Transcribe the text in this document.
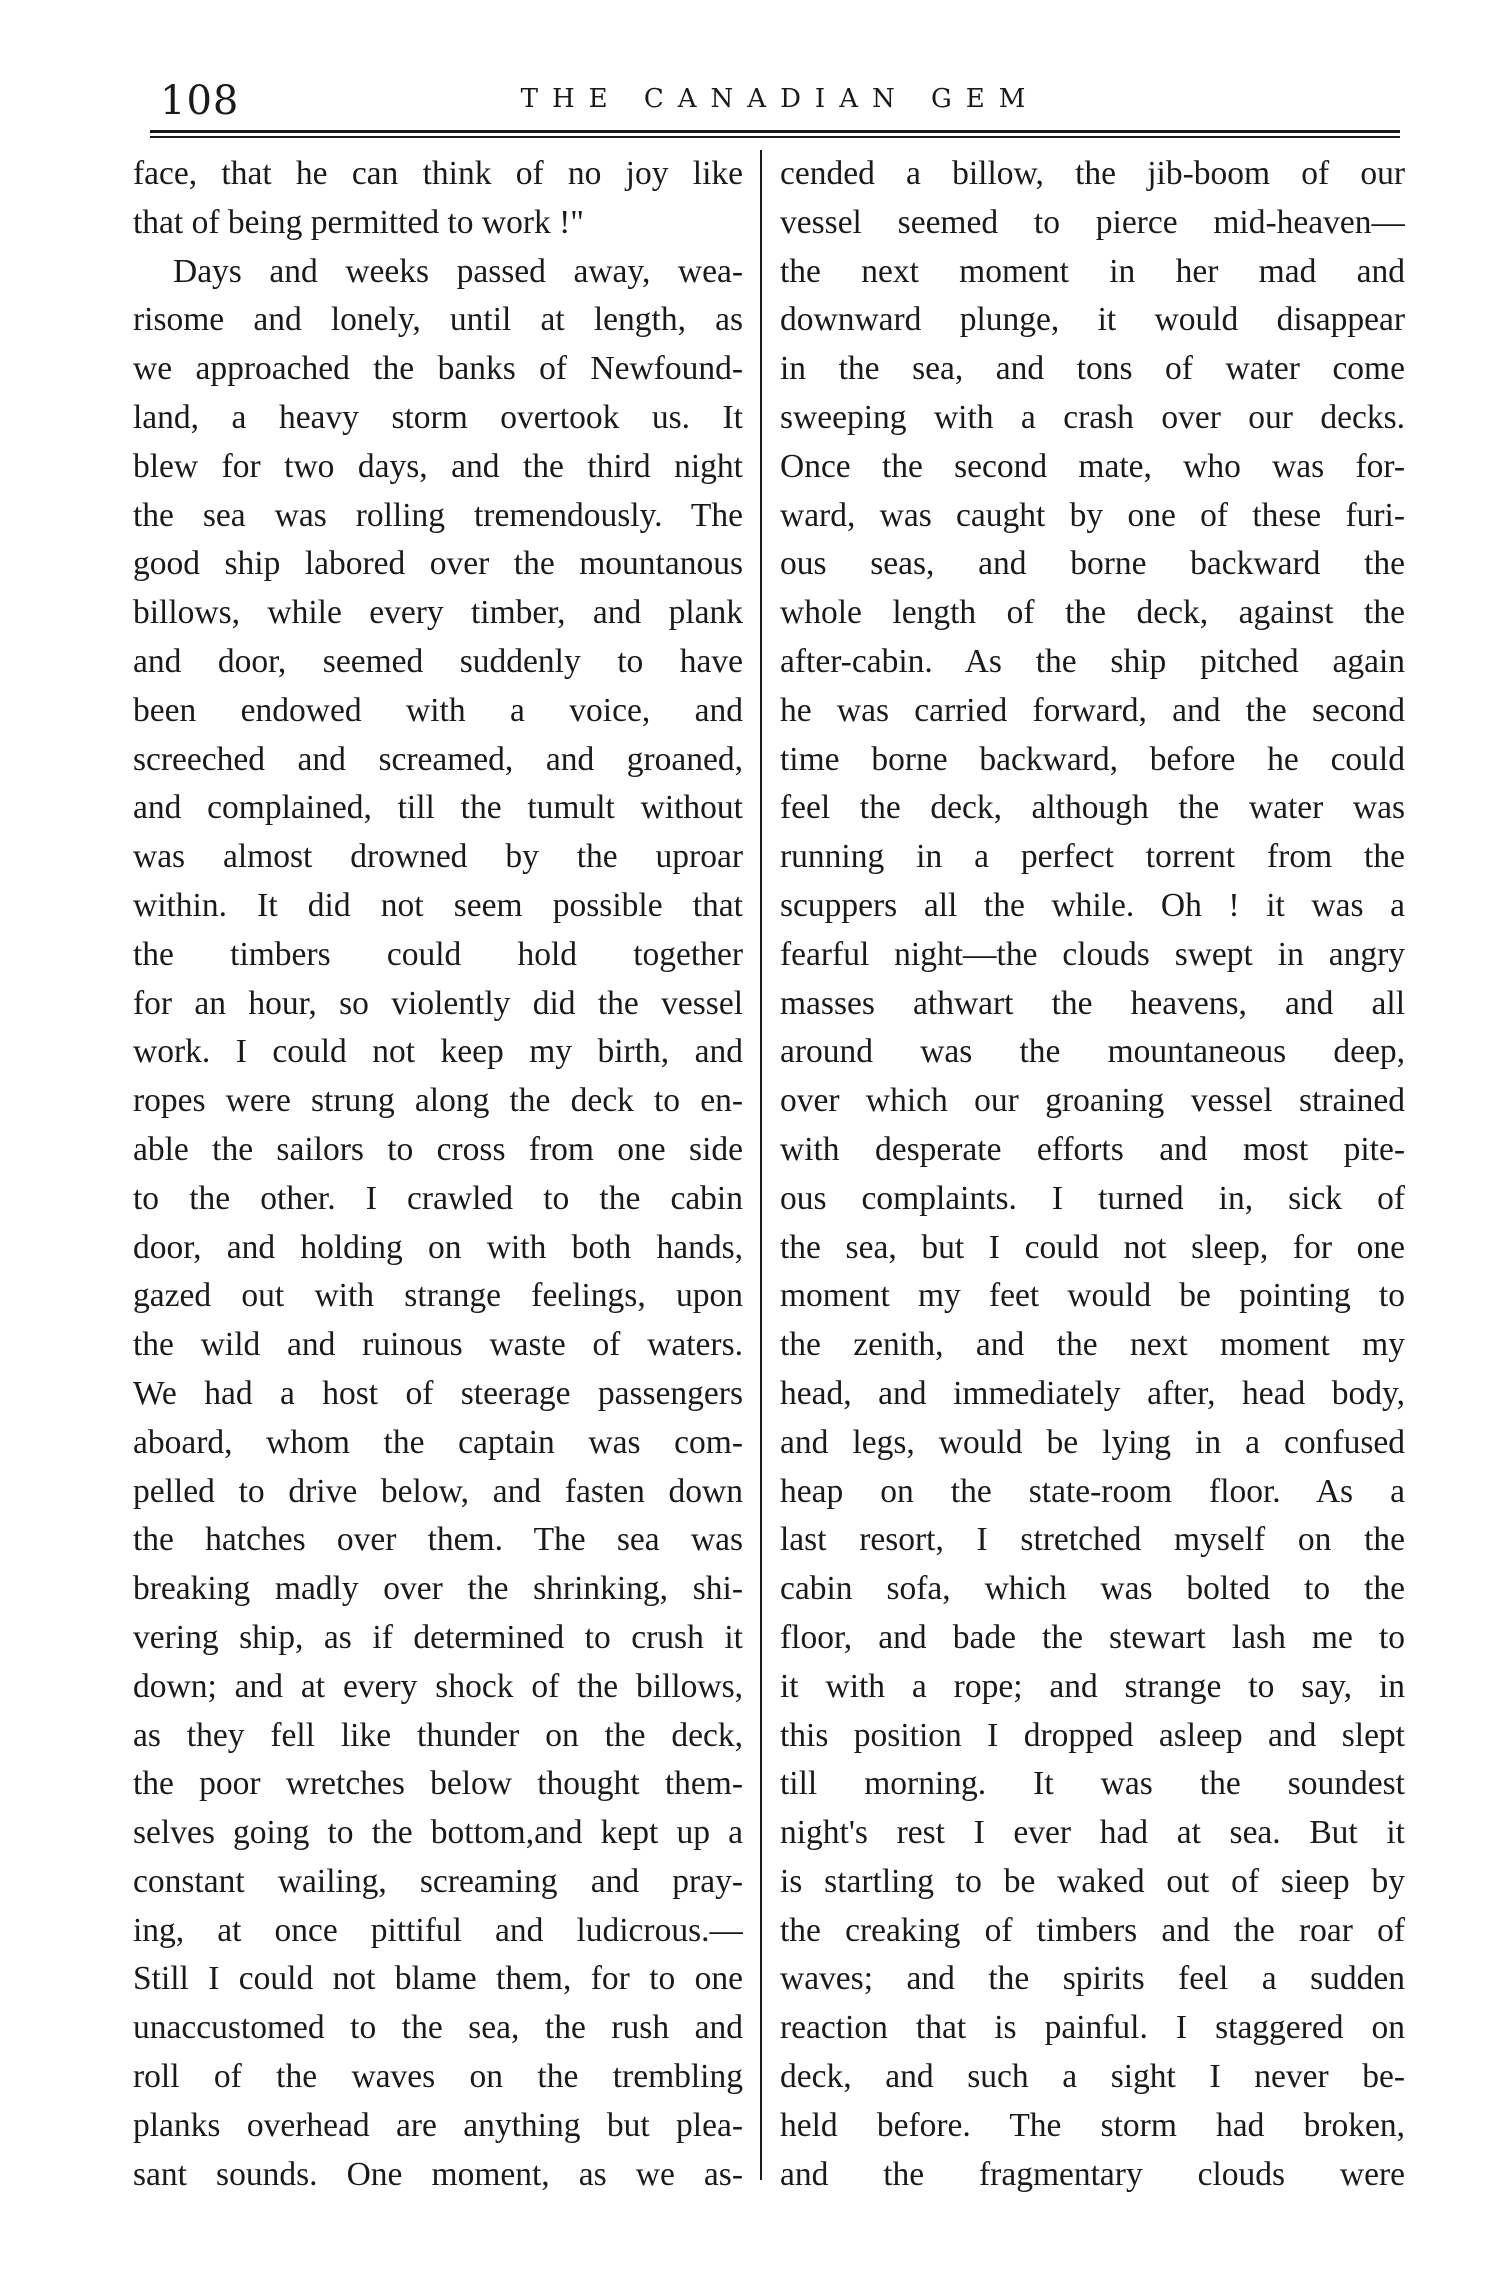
108	THE CANADIAN GEM
face, that he can think of no joy like
that of being permitted to work !"
Days and weeks passed away, wea-
risome and lonely, until at length, as
we approached the banks of Newfound-
land, a heavy storm overtook us. It
blew for two days, and the third night
the sea was rolling tremendously. The
good ship labored over the mountanous
billows, while every timber, and plank
and door, seemed suddenly to have
been endowed with a voice, and
screeched and screamed, and groaned,
and complained, till the tumult without
was almost drowned by the uproar
within. It did not seem possible that
the timbers could hold together
for an hour, so violently did the vessel
work. I could not keep my birth, and
ropes were strung along the deck to en-
able the sailors to cross from one side
to the other. I crawled to the cabin
door, and holding on with both hands,
gazed out with strange feelings, upon
the wild and ruinous waste of waters.
We had a host of steerage passengers
aboard, whom the captain was com-
pelled to drive below, and fasten down
the hatches over them. The sea was
breaking madly over the shrinking, shi-
vering ship, as if determined to crush it
down; and at every shock of the billows,
as they fell like thunder on the deck,
the poor wretches below thought them-
selves going to the bottom,and kept up a
constant wailing, screaming and pray-
ing, at once pittiful and ludicrous.—
Still I could not blame them, for to one
unaccustomed to the sea, the rush and
roll of the waves on the trembling
planks overhead are anything but plea-
sant sounds. One moment, as we as-
cended a billow, the jib-boom of our
vessel seemed to pierce mid-heaven—
the next moment in her mad and
downward plunge, it would disappear
in the sea, and tons of water come
sweeping with a crash over our decks.
Once the second mate, who was for-
ward, was caught by one of these furi-
ous seas, and borne backward the
whole length of the deck, against the
after-cabin. As the ship pitched again
he was carried forward, and the second
time borne backward, before he could
feel the deck, although the water was
running in a perfect torrent from the
scuppers all the while. Oh ! it was a
fearful night—the clouds swept in angry
masses athwart the heavens, and all
around was the mountaneous deep,
over which our groaning vessel strained
with desperate efforts and most pite-
ous complaints. I turned in, sick of
the sea, but I could not sleep, for one
moment my feet would be pointing to
the zenith, and the next moment my
head, and immediately after, head body,
and legs, would be lying in a confused
heap on the state-room floor. As a
last resort, I stretched myself on the
cabin sofa, which was bolted to the
floor, and bade the stewart lash me to
it with a rope; and strange to say, in
this position I dropped asleep and slept
till morning. It was the soundest
night's rest I ever had at sea. But it
is startling to be waked out of sieep by
the creaking of timbers and the roar of
waves; and the spirits feel a sudden
reaction that is painful. I staggered on
deck, and such a sight I never be-
held before. The storm had broken,
and the fragmentary clouds were
